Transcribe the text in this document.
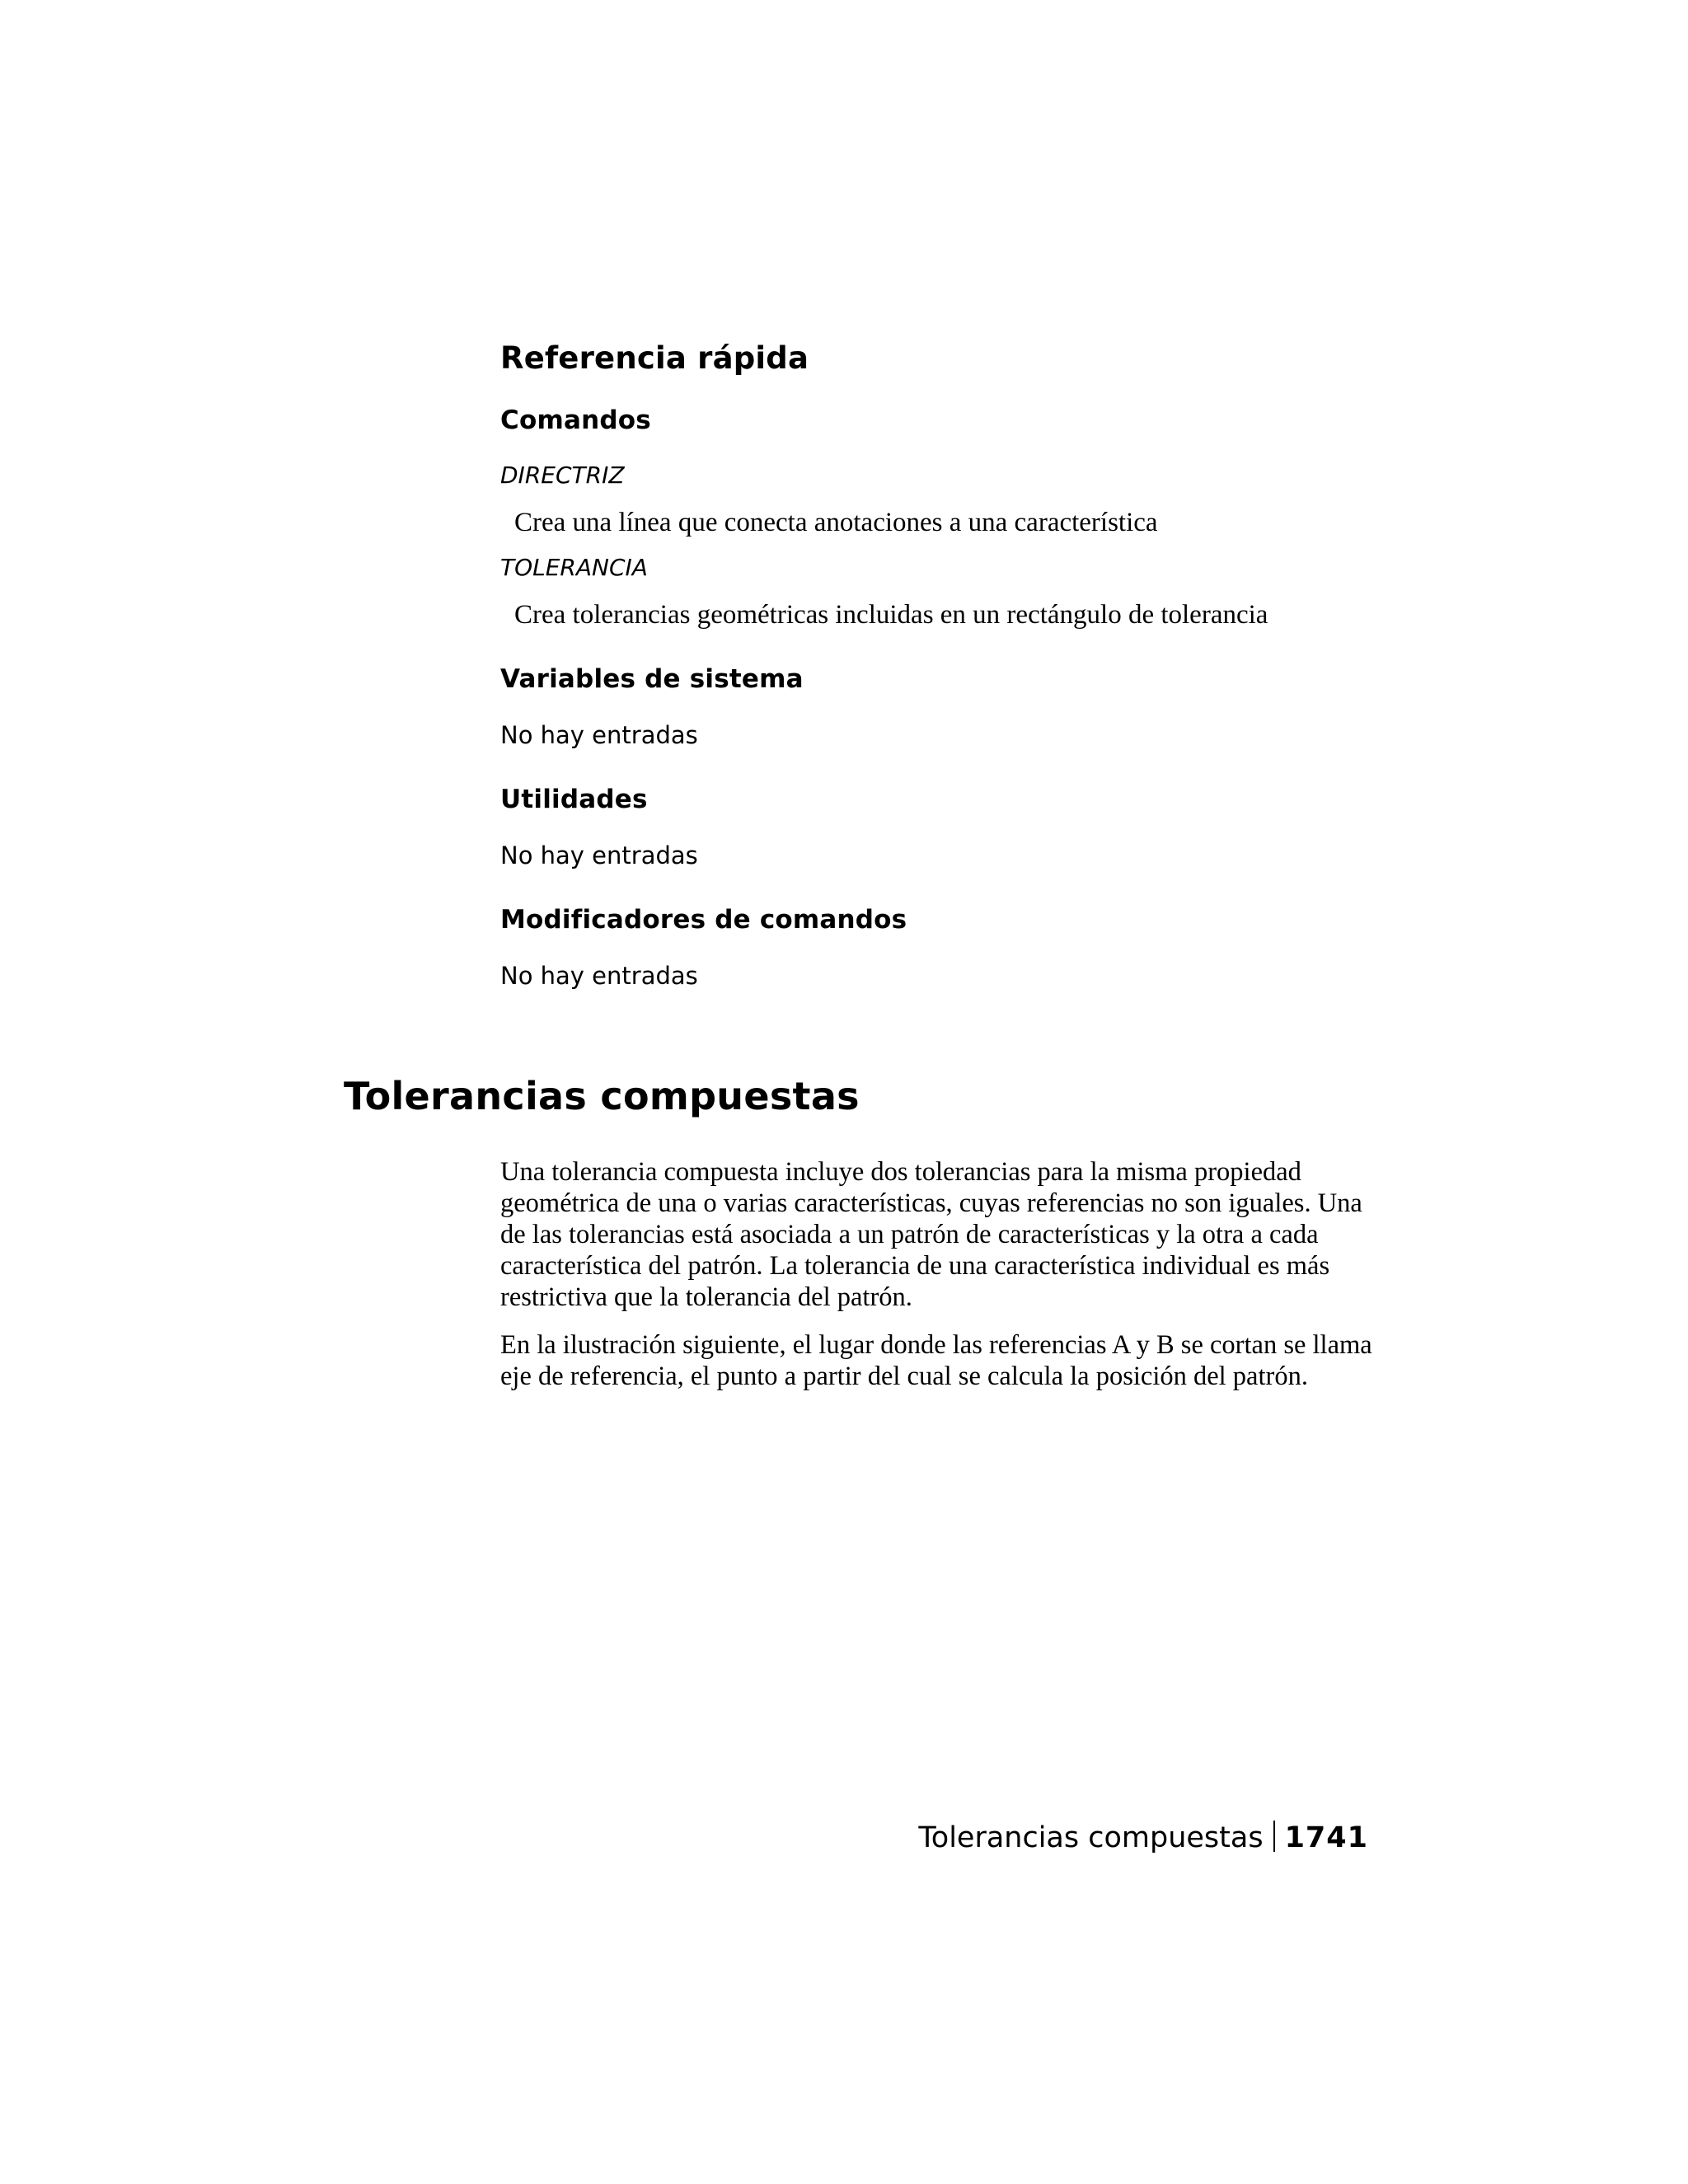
Referencia rápida
Comandos

DIRECTRIZ

Crea una línea que conecta anotaciones a una característica

TOLERANCIA

Crea tolerancias geométricas incluidas en un rectángulo de tolerancia

Variables de sistema

No hay entradas

Utilidades

No hay entradas

Modificadores de comandos

No hay entradas

Tolerancias compuestas

Una tolerancia compuesta incluye dos tolerancias para la misma propiedad geométrica de una o varias características, cuyas referencias no son iguales. Una de las tolerancias está asociada a un patrón de características y la otra a cada característica del patrón. La tolerancia de una característica individual es más restrictiva que la tolerancia del patrón.

En la ilustración siguiente, el lugar donde las referencias A y B se cortan se llama eje de referencia, el punto a partir del cual se calcula la posición del patrón.

Tolerancias compuestas 1741
